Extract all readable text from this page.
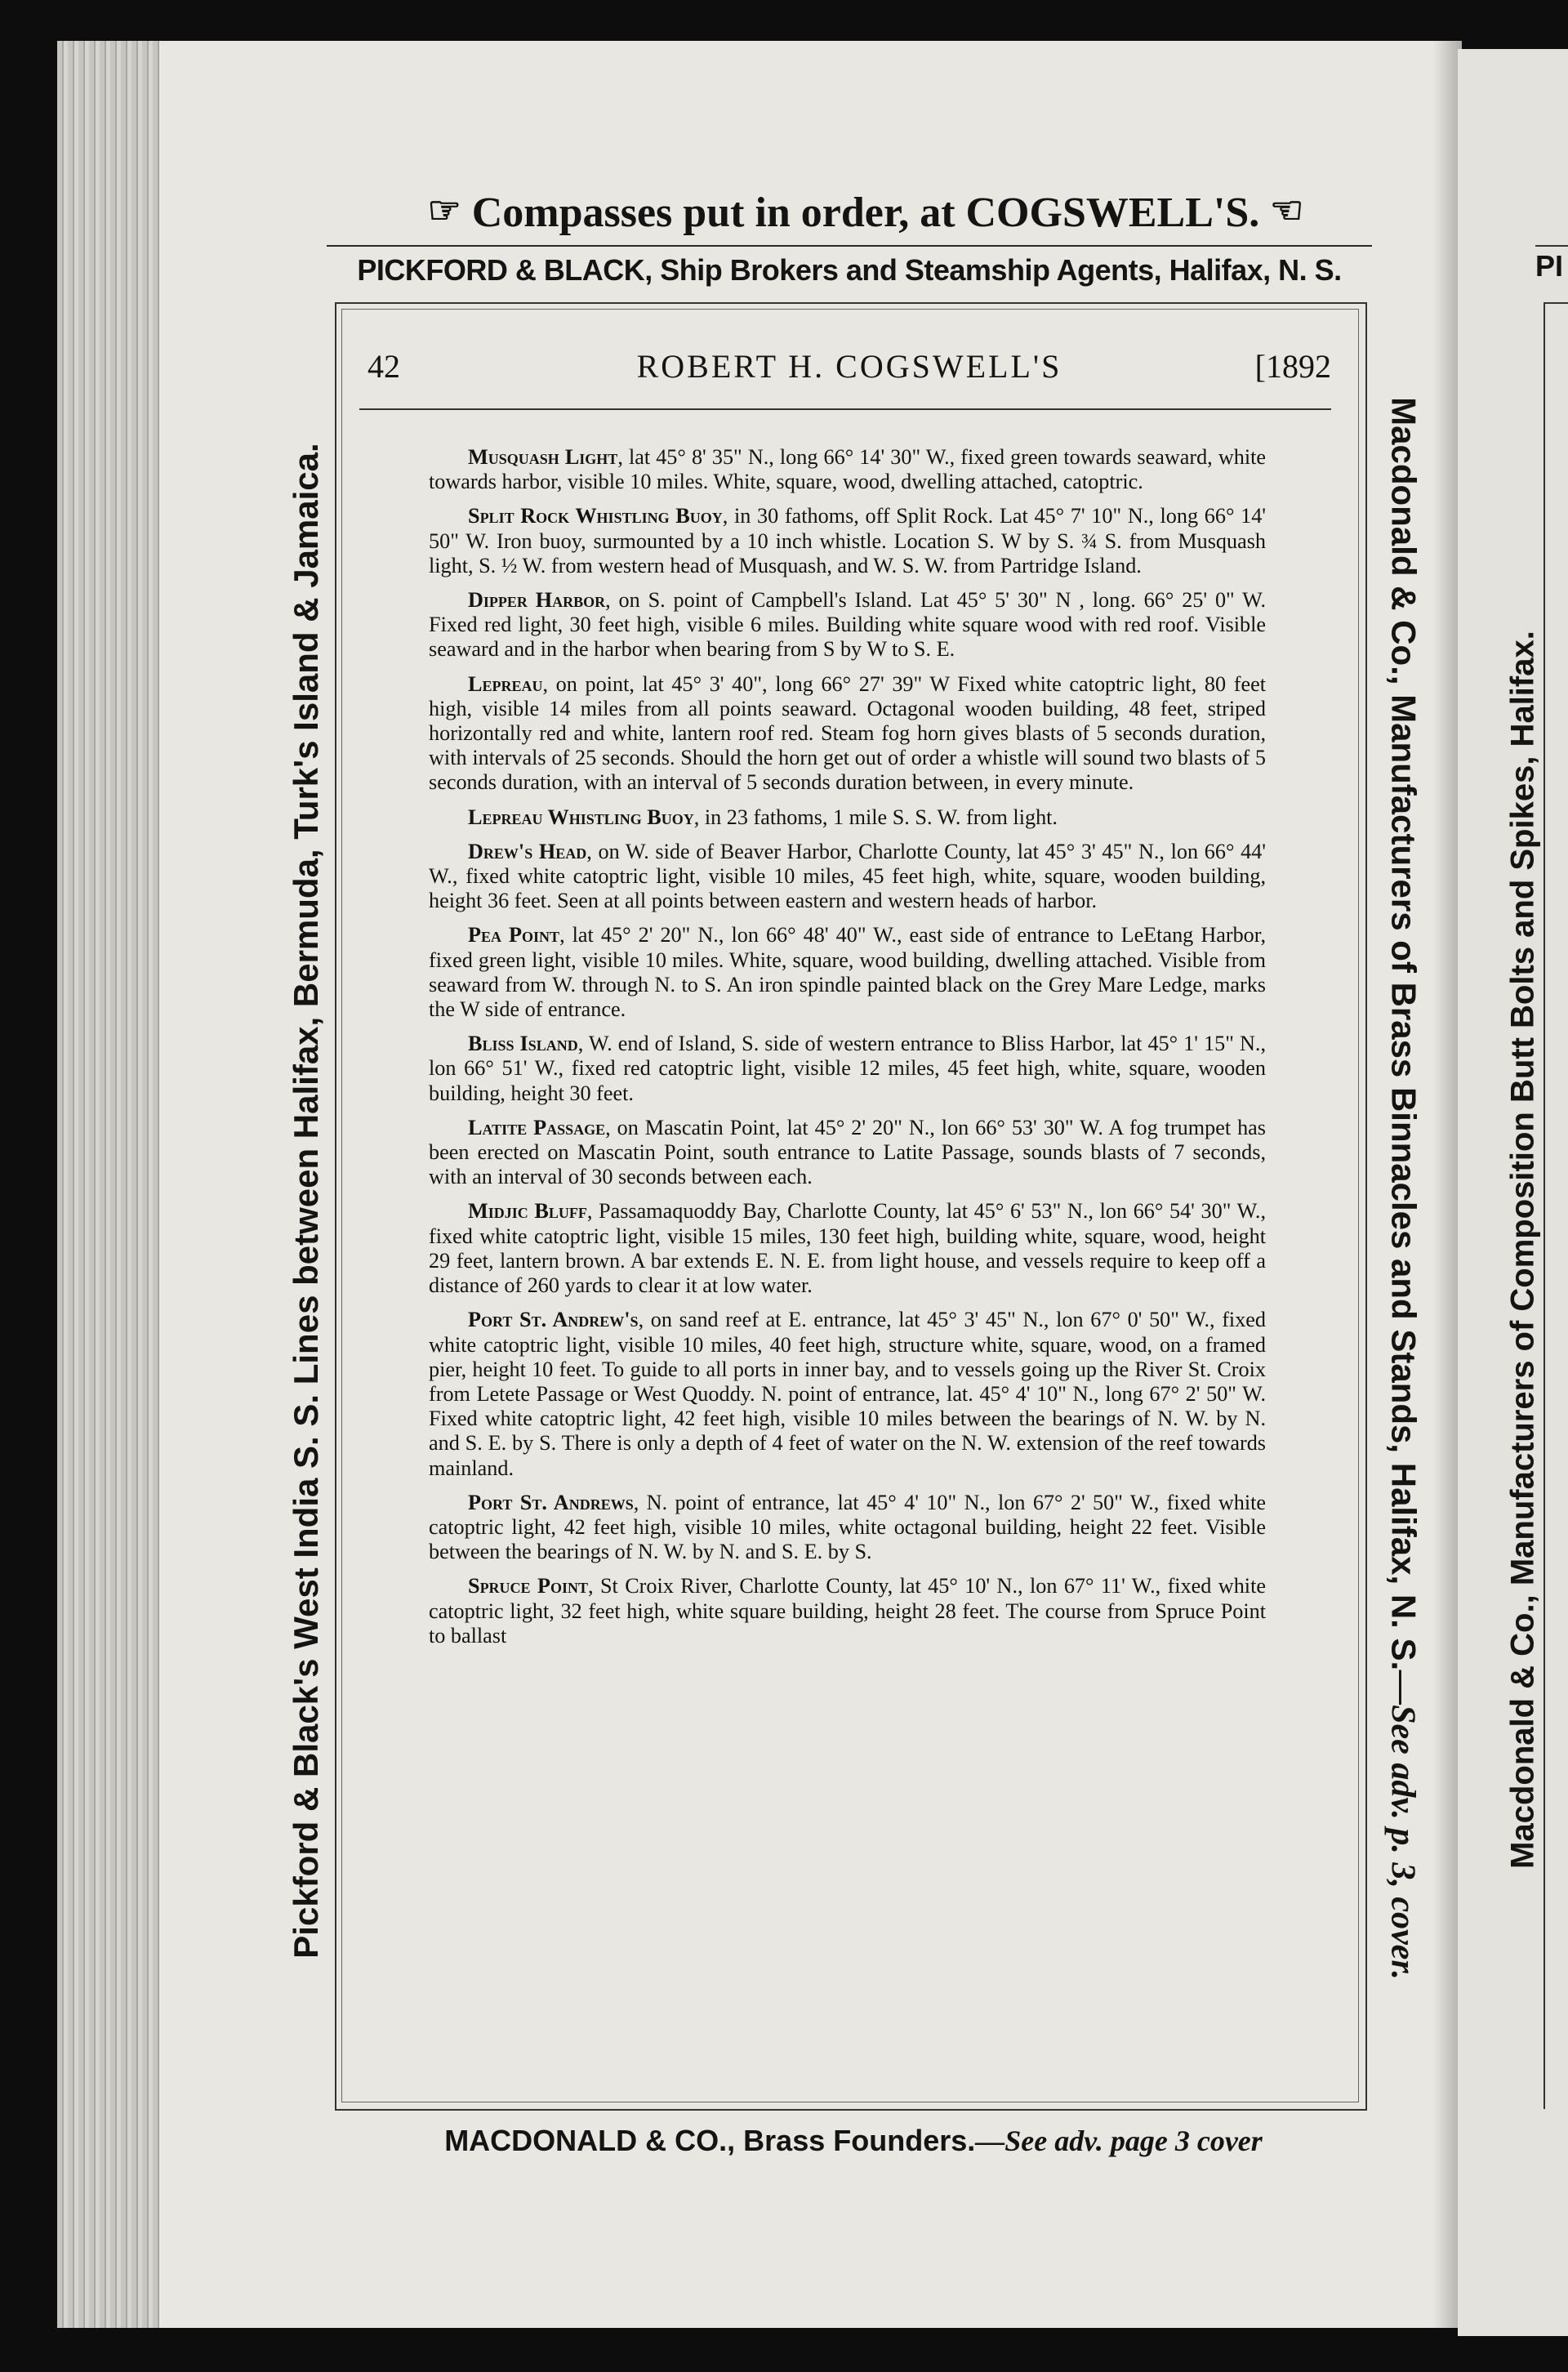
☞ Compasses put in order, at COGSWELL'S. ☞
PICKFORD & BLACK, Ship Brokers and Steamship Agents, Halifax, N. S.
42	ROBERT H. COGSWELL'S	[1892

Musquash Light, lat 45° 8' 35" N., long 66° 14' 30" W., fixed green towards seaward, white towards harbor, visible 10 miles. White, square, wood, dwelling attached, catoptric.

Split Rock Whistling Buoy, in 30 fathoms, off Split Rock. Lat 45° 7' 10" N., long 66° 14' 50" W. Iron buoy, surmounted by a 10 inch whistle. Location S. W by S. ¾ S. from Musquash light, S. ½ W. from western head of Musquash, and W. S. W. from Partridge Island.

Dipper Harbor, on S. point of Campbell's Island. Lat 45° 5' 30" N , long. 66° 25' 0" W. Fixed red light, 30 feet high, visible 6 miles. Building white square wood with red roof. Visible seaward and in the harbor when bearing from S by W to S. E.

Lepreau, on point, lat 45° 3' 40", long 66° 27' 39" W Fixed white catoptric light, 80 feet high, visible 14 miles from all points seaward. Octagonal wooden building, 48 feet, striped horizontally red and white, lantern roof red. Steam fog horn gives blasts of 5 seconds duration, with intervals of 25 seconds. Should the horn get out of order a whistle will sound two blasts of 5 seconds duration, with an interval of 5 seconds duration between, in every minute.

Lepreau Whistling Buoy, in 23 fathoms, 1 mile S. S. W. from light.

Drew's Head, on W. side of Beaver Harbor, Charlotte County, lat 45° 3' 45" N., lon 66° 44' W., fixed white catoptric light, visible 10 miles, 45 feet high, white, square, wooden building, height 36 feet. Seen at all points between eastern and western heads of harbor.

Pea Point, lat 45° 2' 20" N., lon 66° 48' 40" W., east side of entrance to LeEtang Harbor, fixed green light, visible 10 miles. White, square, wood building, dwelling attached. Visible from seaward from W. through N. to S. An iron spindle painted black on the Grey Mare Ledge, marks the W side of entrance.

Bliss Island, W. end of Island, S. side of western entrance to Bliss Harbor, lat 45° 1' 15" N., lon 66° 51' W., fixed red catoptric light, visible 12 miles, 45 feet high, white, square, wooden building, height 30 feet.

Latite Passage, on Mascatin Point, lat 45° 2' 20" N., lon 66° 53' 30" W. A fog trumpet has been erected on Mascatin Point, south entrance to Latite Passage, sounds blasts of 7 seconds, with an interval of 30 seconds between each.

Midjic Bluff, Passamaquoddy Bay, Charlotte County, lat 45° 6' 53" N., lon 66° 54' 30" W., fixed white catoptric light, visible 15 miles, 130 feet high, building white, square, wood, height 29 feet, lantern brown. A bar extends E. N. E. from light house, and vessels require to keep off a distance of 260 yards to clear it at low water.

Port St. Andrew's, on sand reef at E. entrance, lat 45° 3' 45" N., lon 67° 0' 50" W., fixed white catoptric light, visible 10 miles, 40 feet high, structure white, square, wood, on a framed pier, height 10 feet. To guide to all ports in inner bay, and to vessels going up the River St. Croix from Letete Passage or West Quoddy. N. point of entrance, lat. 45° 4' 10" N., long 67° 2' 50" W. Fixed white catoptric light, 42 feet high, visible 10 miles between the bearings of N. W. by N. and S. E. by S. There is only a depth of 4 feet of water on the N. W. extension of the reef towards mainland.

Port St. Andrews, N. point of entrance, lat 45° 4' 10" N., lon 67° 2' 50" W., fixed white catoptric light, 42 feet high, visible 10 miles, white octagonal building, height 22 feet. Visible between the bearings of N. W. by N. and S. E. by S.

Spruce Point, St Croix River, Charlotte County, lat 45° 10' N., lon 67° 11' W., fixed white catoptric light, 32 feet high, white square building, height 28 feet. The course from Spruce Point to ballast

MACDONALD & CO., Brass Founders.—See adv. page 3 cover
Pickford & Black's West India S. S. Lines between Halifax, Bermuda, Turk's Island & Jamaica.	Macdonald & Co., Manufacturers of Brass Binnacles and Stands, Halifax, N. S.—See adv. p. 3, cover.
PI
Macdonald & Co., Manufacturers of Composition Butt Bolts and Spikes, Halifax.
